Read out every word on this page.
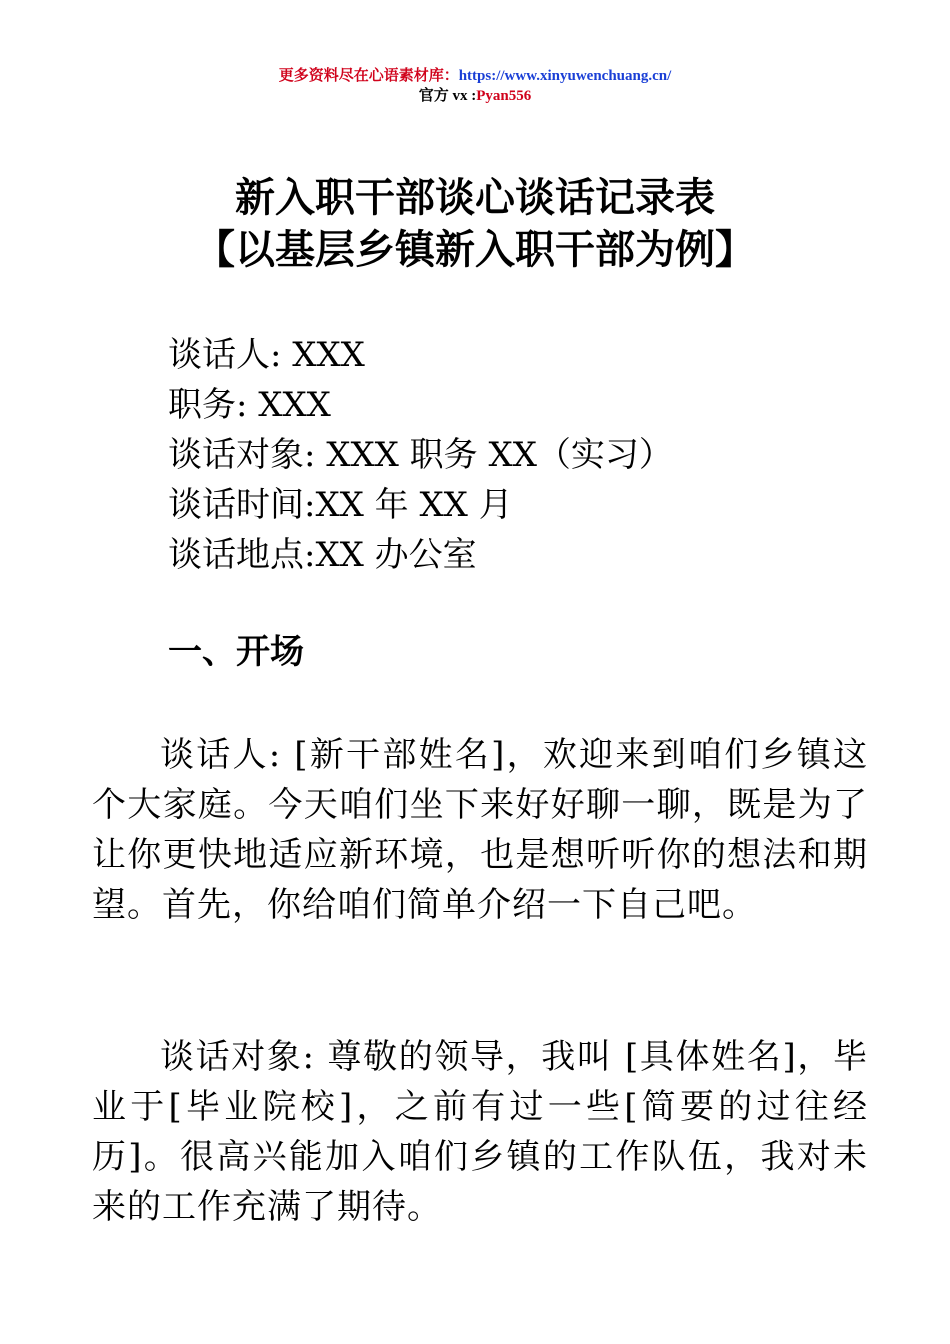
更多资料尽在心语素材库：https://www.xinyuwenchuang.cn/
官方 vx :Pyan556
新入职干部谈心谈话记录表
【以基层乡镇新入职干部为例】
谈话人: XXX
职务: XXX
谈话对象: XXX 职务 XX（实习）
谈话时间:XX 年 XX 月
谈话地点:XX 办公室
一、开场
谈话人: [新干部姓名]，欢迎来到咱们乡镇这个大家庭。今天咱们坐下来好好聊一聊，既是为了让你更快地适应新环境，也是想听听你的想法和期望。首先，你给咱们简单介绍一下自己吧。
谈话对象: 尊敬的领导，我叫 [具体姓名]，毕业于[毕业院校]，之前有过一些[简要的过往经历]。很高兴能加入咱们乡镇的工作队伍，我对未来的工作充满了期待。
